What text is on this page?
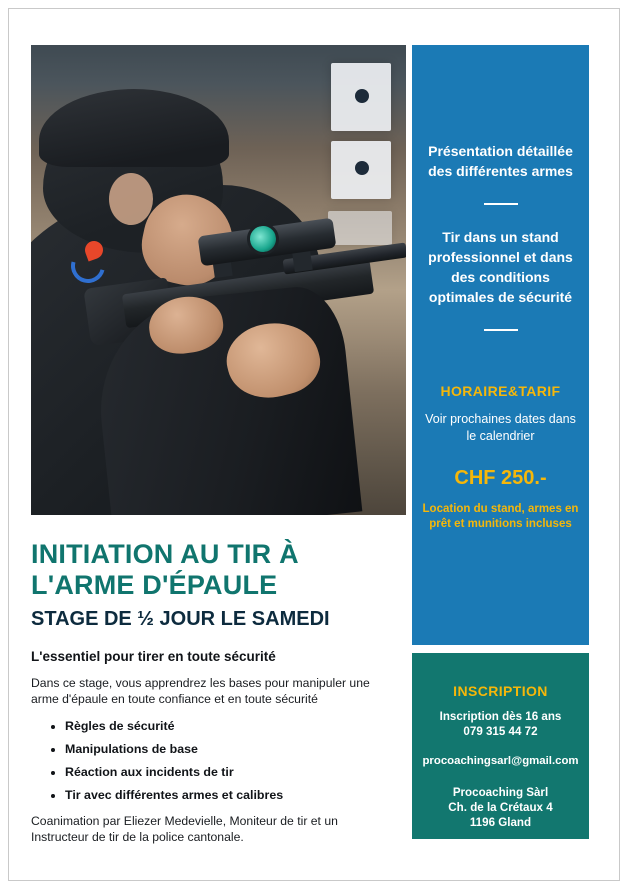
INITIATION AU TIR À
L'ARME D'ÉPAULE
STAGE DE ½ JOUR LE SAMEDI
L'essentiel pour tirer en toute sécurité
Dans ce stage, vous apprendrez les bases pour manipuler une arme d'épaule en toute confiance et en toute sécurité
• Règles de sécurité
• Manipulations de base
• Réaction aux incidents de tir
• Tir avec différentes armes et calibres
Coanimation par Eliezer Medevielle, Moniteur de tir et un Instructeur de tir de la police cantonale.
Présentation détaillée des différentes armes
Tir dans un stand professionnel et dans des conditions optimales de sécurité
HORAIRE&TARIF
Voir prochaines dates dans le calendrier
CHF 250.-
Location du stand, armes en prêt et munitions incluses
INSCRIPTION
Inscription dès 16 ans
079 315 44 72
procoachingsarl@gmail.com
Procoaching Sàrl
Ch. de la Crétaux 4
1196 Gland
